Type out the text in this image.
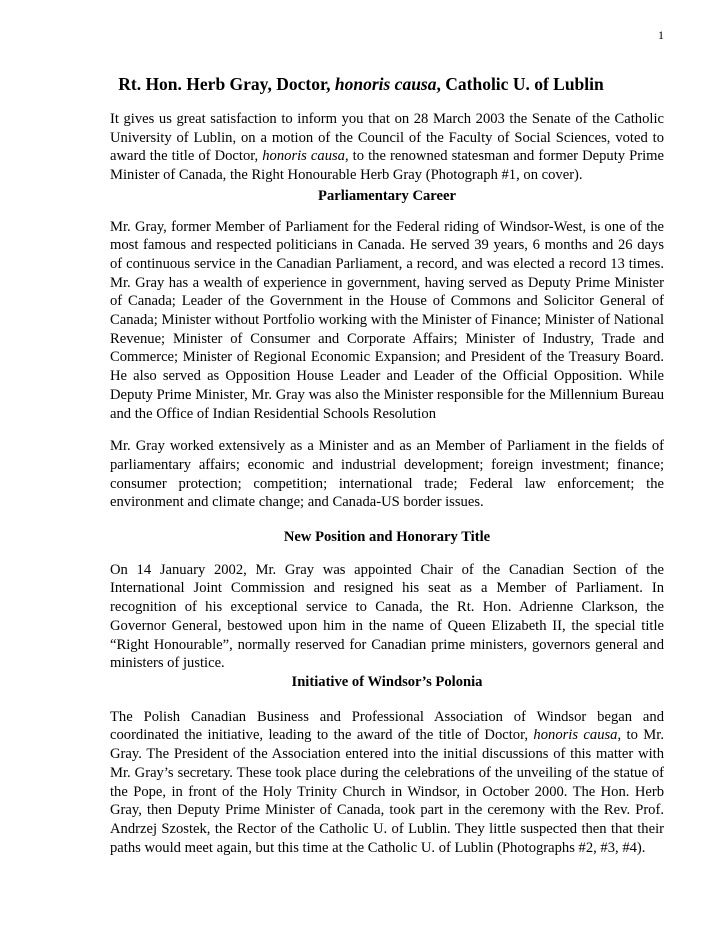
1
Rt. Hon. Herb Gray, Doctor, honoris causa, Catholic U. of Lublin

It gives us great satisfaction to inform you that on 28 March 2003 the Senate of the Catholic University of Lublin, on a motion of the Council of the Faculty of Social Sciences, voted to award the title of Doctor, honoris causa, to the renowned statesman and former Deputy Prime Minister of Canada, the Right Honourable Herb Gray (Photograph #1, on cover).

Parliamentary Career

Mr. Gray, former Member of Parliament for the Federal riding of Windsor-West, is one of the most famous and respected politicians in Canada. He served 39 years, 6 months and 26 days of continuous service in the Canadian Parliament, a record, and was elected a record 13 times. Mr. Gray has a wealth of experience in government, having served as Deputy Prime Minister of Canada; Leader of the Government in the House of Commons and Solicitor General of Canada; Minister without Portfolio working with the Minister of Finance; Minister of National Revenue; Minister of Consumer and Corporate Affairs; Minister of Industry, Trade and Commerce; Minister of Regional Economic Expansion; and President of the Treasury Board. He also served as Opposition House Leader and Leader of the Official Opposition. While Deputy Prime Minister, Mr. Gray was also the Minister responsible for the Millennium Bureau and the Office of Indian Residential Schools Resolution

Mr. Gray worked extensively as a Minister and as an Member of Parliament in the fields of parliamentary affairs; economic and industrial development; foreign investment; finance; consumer protection; competition; international trade; Federal law enforcement; the environment and climate change; and Canada-US border issues.

New Position and Honorary Title

On 14 January 2002, Mr. Gray was appointed Chair of the Canadian Section of the International Joint Commission and resigned his seat as a Member of Parliament. In recognition of his exceptional service to Canada, the Rt. Hon. Adrienne Clarkson, the Governor General, bestowed upon him in the name of Queen Elizabeth II, the special title “Right Honourable”, normally reserved for Canadian prime ministers, governors general and ministers of justice.

Initiative of Windsor’s Polonia

The Polish Canadian Business and Professional Association of Windsor began and coordinated the initiative, leading to the award of the title of Doctor, honoris causa, to Mr. Gray. The President of the Association entered into the initial discussions of this matter with Mr. Gray’s secretary. These took place during the celebrations of the unveiling of the statue of the Pope, in front of the Holy Trinity Church in Windsor, in October 2000. The Hon. Herb Gray, then Deputy Prime Minister of Canada, took part in the ceremony with the Rev. Prof. Andrzej Szostek, the Rector of the Catholic U. of Lublin. They little suspected then that their paths would meet again, but this time at the Catholic U. of Lublin (Photographs #2, #3, #4).
